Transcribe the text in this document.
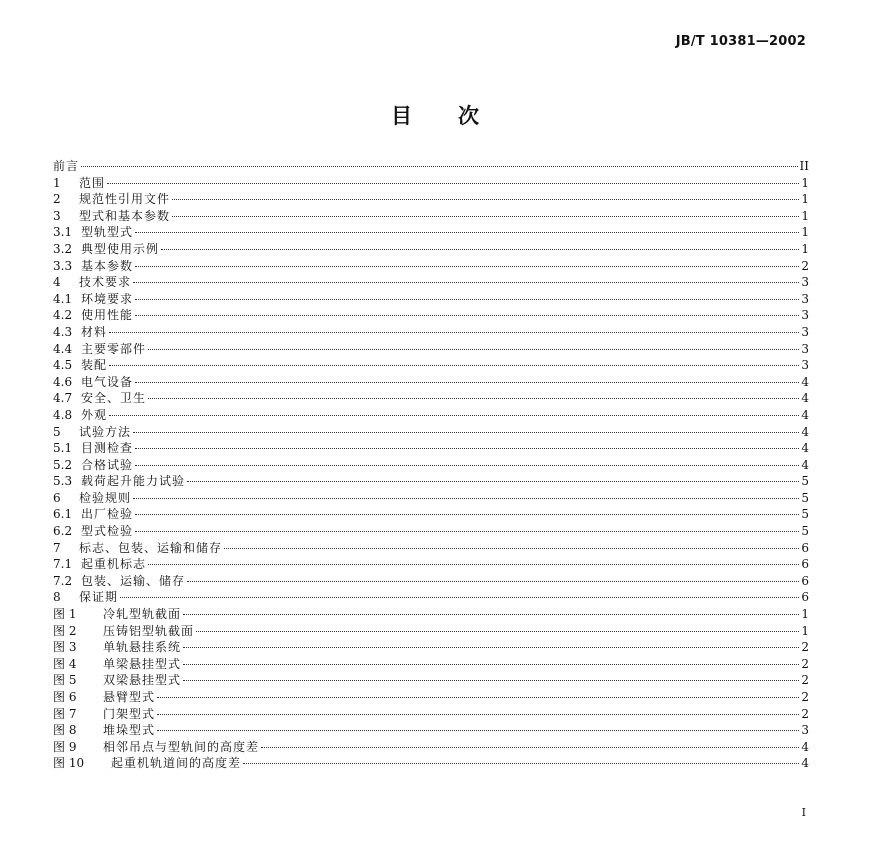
JB/T 10381—2002
目 次
前言	II
1	范围	1
2	规范性引用文件	1
3	型式和基本参数	1
3.1 型轨型式	1
3.2 典型使用示例	1
3.3 基本参数	2
4	技术要求	3
4.1 环境要求	3
4.2 使用性能	3
4.3 材料	3
4.4 主要零部件	3
4.5 装配	3
4.6 电气设备	4
4.7 安全、卫生	4
4.8 外观	4
5	试验方法	4
5.1 目测检查	4
5.2 合格试验	4
5.3 载荷起升能力试验	5
6	检验规则	5
6.1 出厂检验	5
6.2 型式检验	5
7	标志、包装、运输和储存	6
7.1 起重机标志	6
7.2 包装、运输、储存	6
8	保证期	6
图 1	冷轧型轨截面	1
图 2	压铸铝型轨截面	1
图 3	单轨悬挂系统	2
图 4	单梁悬挂型式	2
图 5	双梁悬挂型式	2
图 6	悬臂型式	2
图 7	门架型式	2
图 8	堆垛型式	3
图 9	相邻吊点与型轨间的高度差	4
图 10	起重机轨道间的高度差	4
I
